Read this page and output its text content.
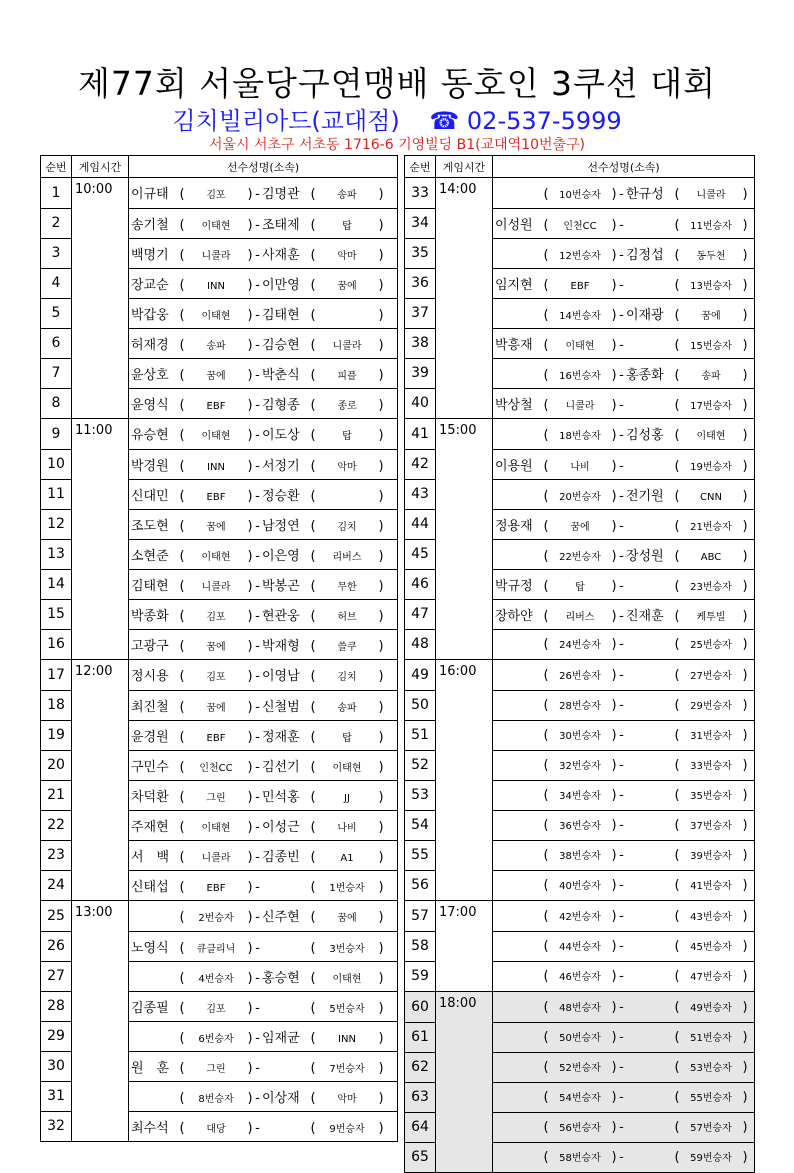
제77회 서울당구연맹배 동호인 3쿠션 대회
김치빌리아드(교대점) ☎ 02-537-5999
서울시 서초구 서초동 1716-6 기영빌딩 B1(교대역10번출구)
순번	게임시간	선수성명(소속)
1	10:00	이규태 ( 김포 ) - 김명관 ( 송파 )
2		송기철 ( 이태현 ) - 조태제 ( 탑 )
3		백명기 ( 니콜라 ) - 사재훈 ( 악마 )
4		장교순 ( INN ) - 이만영 ( 꿈에 )
5		박갑웅 ( 이태현 ) - 김태현 ( )
6		허재경 ( 송파 ) - 김승현 ( 니콜라 )
7		윤상호 ( 꿈에 ) - 박춘식 ( 피플 )
8		윤영식 ( EBF ) - 김형종 ( 종로 )
9	11:00	유승현 ( 이태현 ) - 이도상 ( 탑 )
10		박경원 ( INN ) - 서정기 ( 악마 )
11		신대민 ( EBF ) - 정승환 ( )
12		조도현 ( 꿈에 ) - 남정연 ( 김치 )
13		소현준 ( 이태현 ) - 이은영 ( 리버스 )
14		김태현 ( 니콜라 ) - 박봉곤 ( 무한 )
15		박종화 ( 김포 ) - 현관웅 ( 허브 )
16		고광구 ( 꿈에 ) - 박재형 ( 쓸쿠 )
17	12:00	정시용 ( 김포 ) - 이영남 ( 김치 )
18		최진철 ( 꿈에 ) - 신철범 ( 송파 )
19		윤경원 ( EBF ) - 정재훈 ( 탑 )
20		구민수 ( 인천CC ) - 김선기 ( 이태현 )
21		차덕환 ( 그린 ) - 민석홍 ( JJ )
22		주재현 ( 이태현 ) - 이성근 ( 나비 )
23		서　백 ( 니콜라 ) - 김종빈 ( A1 )
24		신태섭 ( EBF ) - ( 1번승자 )
25	13:00	( 2번승자 ) - 신주현 ( 꿈에 )
26		노영식 ( 큐클리닉 ) - ( 3번승자 )
27		( 4번승자 ) - 홍승현 ( 이태현 )
28		김종필 ( 김포 ) - ( 5번승자 )
29		( 6번승자 ) - 임재균 ( INN )
30		원　훈 ( 그린 ) - ( 7번승자 )
31		( 8번승자 ) - 이상재 ( 악마 )
32		최수석 ( 대당 ) - ( 9번승자 )
순번	게임시간	선수성명(소속)
33	14:00	( 10번승자 ) - 한규성 ( 니콜라 )
34		이성원 ( 인천CC ) - ( 11번승자 )
35		( 12번승자 ) - 김정섭 ( 동두천 )
36		임지현 ( EBF ) - ( 13번승자 )
37		( 14번승자 ) - 이재광 ( 꿈에 )
38		박흥재 ( 이태현 ) - ( 15번승자 )
39		( 16번승자 ) - 홍종화 ( 송파 )
40		박상철 ( 니콜라 ) - ( 17번승자 )
41	15:00	( 18번승자 ) - 김성홍 ( 이태현 )
42		이용원 ( 나비 ) - ( 19번승자 )
43		( 20번승자 ) - 전기원 ( CNN )
44		정용재 ( 꿈에 ) - ( 21번승자 )
45		( 22번승자 ) - 장성원 ( ABC )
46		박규정 ( 탑 ) - ( 23번승자 )
47		장하얀 ( 리버스 ) - 진재훈 ( 케투빌 )
48		( 24번승자 ) - ( 25번승자 )
49	16:00	( 26번승자 ) - ( 27번승자 )
50		( 28번승자 ) - ( 29번승자 )
51		( 30번승자 ) - ( 31번승자 )
52		( 32번승자 ) - ( 33번승자 )
53		( 34번승자 ) - ( 35번승자 )
54		( 36번승자 ) - ( 37번승자 )
55		( 38번승자 ) - ( 39번승자 )
56		( 40번승자 ) - ( 41번승자 )
57	17:00	( 42번승자 ) - ( 43번승자 )
58		( 44번승자 ) - ( 45번승자 )
59		( 46번승자 ) - ( 47번승자 )
60	18:00	( 48번승자 ) - ( 49번승자 )
61		( 50번승자 ) - ( 51번승자 )
62		( 52번승자 ) - ( 53번승자 )
63		( 54번승자 ) - ( 55번승자 )
64		( 56번승자 ) - ( 57번승자 )
65		( 58번승자 ) - ( 59번승자 )
